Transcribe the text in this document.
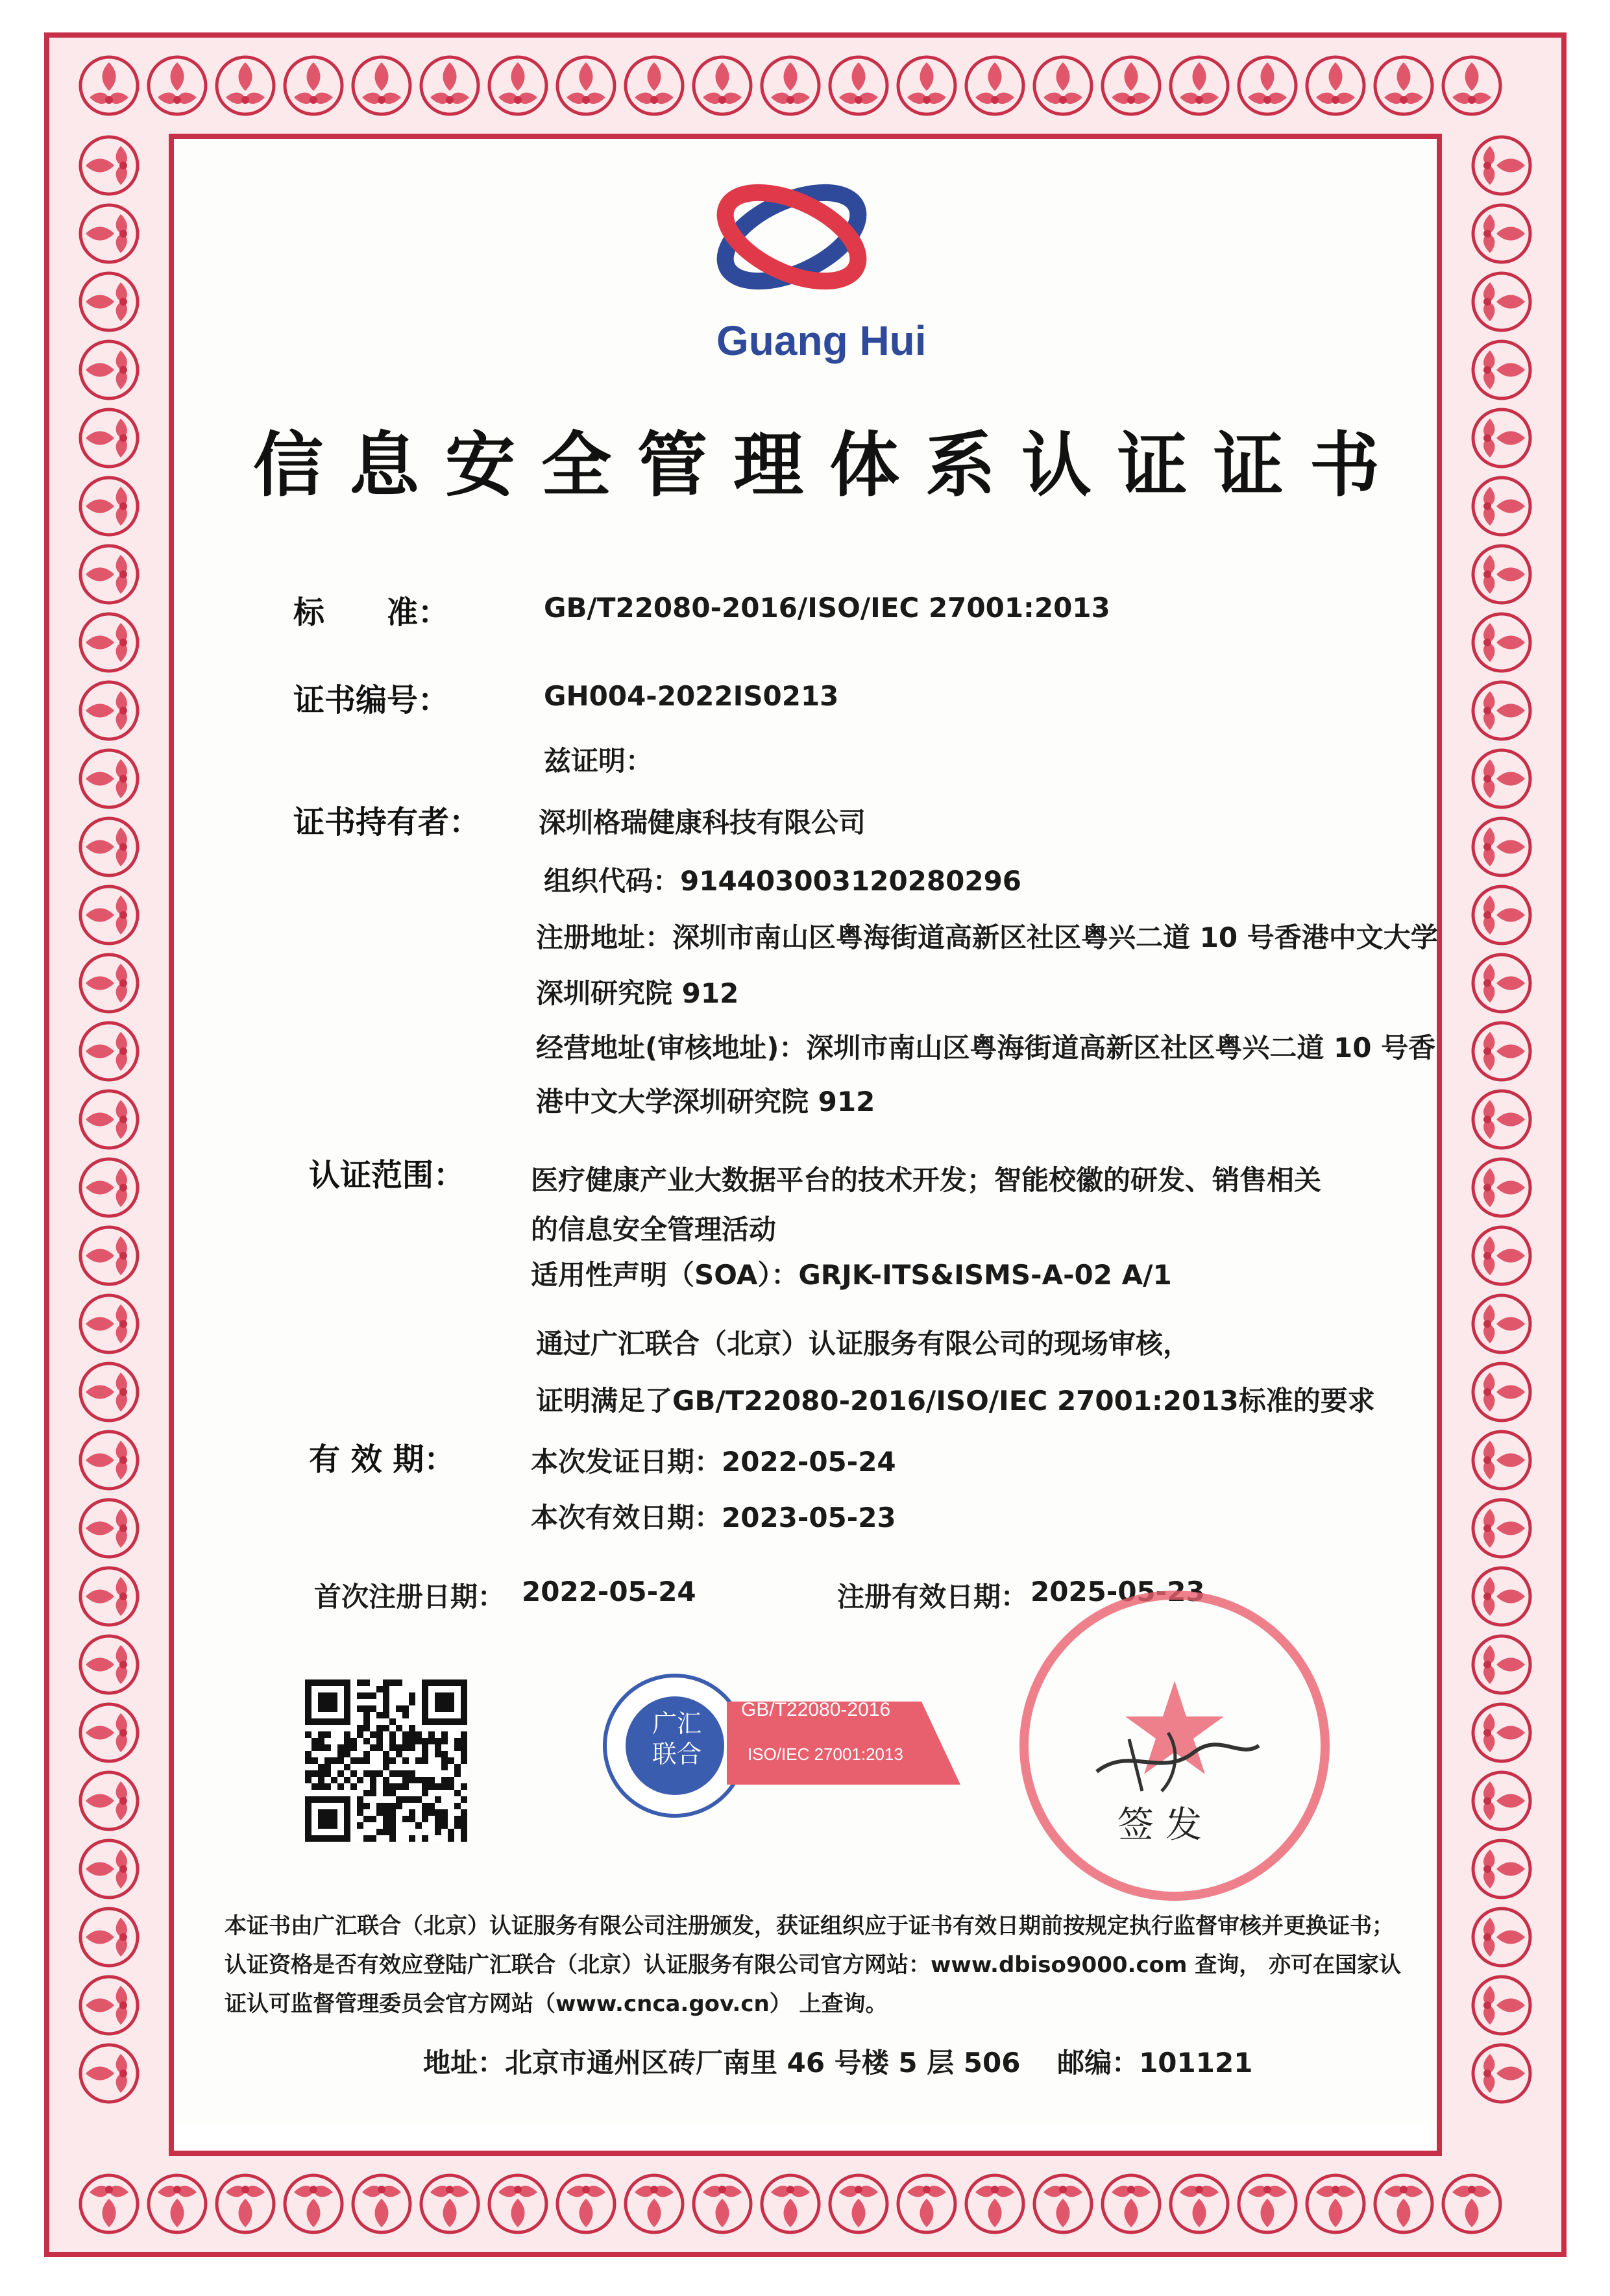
Guang Hui
信息安全管理体系认证证书
标　　准：	GB/T22080-2016/ISO/IEC 27001:2013
证书编号：	GH004-2022IS0213
兹证明：
证书持有者： 深圳格瑞健康科技有限公司
组织代码：914403003120280296
注册地址：深圳市南山区粤海街道高新区社区粤兴二道 10 号香港中文大学
深圳研究院 912
经营地址(审核地址)：深圳市南山区粤海街道高新区社区粤兴二道 10 号香
港中文大学深圳研究院 912
认证范围： 医疗健康产业大数据平台的技术开发；智能校徽的研发、销售相关
的信息安全管理活动
适用性声明（SOA）：GRJK-ITS&ISMS-A-02 A/1
通过广汇联合（北京）认证服务有限公司的现场审核，
证明满足了GB/T22080-2016/ISO/IEC 27001:2013标准的要求
有 效 期：	本次发证日期：2022-05-24
本次有效日期：2023-05-23
首次注册日期： 2022-05-24	注册有效日期： 2025-05-23
广汇
联合
GB/T22080-2016
ISO/IEC 27001:2013
签发
本证书由广汇联合（北京）认证服务有限公司注册颁发，获证组织应于证书有效日期前按规定执行监督审核并更换证书；
认证资格是否有效应登陆广汇联合（北京）认证服务有限公司官方网站：www.dbiso9000.com 查询， 亦可在国家认
证认可监督管理委员会官方网站（www.cnca.gov.cn） 上查询。
地址：北京市通州区砖厂南里 46 号楼 5 层 506　 邮编：101121
